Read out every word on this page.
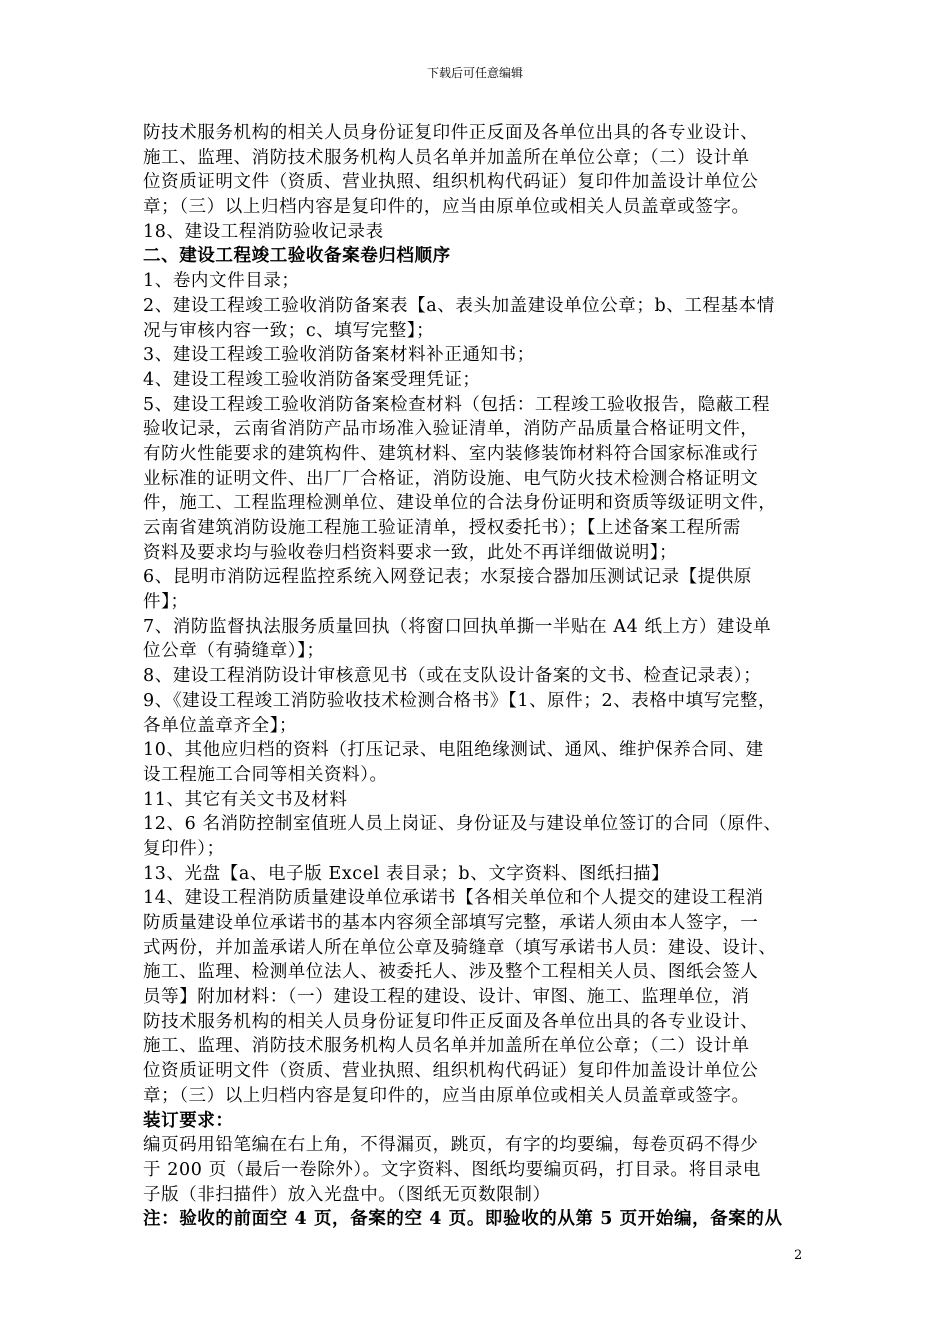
下载后可任意编辑
防技术服务机构的相关人员身份证复印件正反面及各单位出具的各专业设计、
施工、监理、消防技术服务机构人员名单并加盖所在单位公章；（二）设计单
位资质证明文件（资质、营业执照、组织机构代码证）复印件加盖设计单位公
章；（三）以上归档内容是复印件的，应当由原单位或相关人员盖章或签字。
18、建设工程消防验收记录表
二、建设工程竣工验收备案卷归档顺序
1、卷内文件目录；
2、建设工程竣工验收消防备案表【a、表头加盖建设单位公章；b、工程基本情
况与审核内容一致；c、填写完整】；
3、建设工程竣工验收消防备案材料补正通知书；
4、建设工程竣工验收消防备案受理凭证；
5、建设工程竣工验收消防备案检查材料（包括：工程竣工验收报告，隐蔽工程
验收记录，云南省消防产品市场准入验证清单，消防产品质量合格证明文件，
有防火性能要求的建筑构件、建筑材料、室内装修装饰材料符合国家标准或行
业标准的证明文件、出厂厂合格证，消防设施、电气防火技术检测合格证明文
件，施工、工程监理检测单位、建设单位的合法身份证明和资质等级证明文件，
云南省建筑消防设施工程施工验证清单，授权委托书）；【上述备案工程所需
资料及要求均与验收卷归档资料要求一致，此处不再详细做说明】；
6、昆明市消防远程监控系统入网登记表；水泵接合器加压测试记录【提供原
件】；
7、消防监督执法服务质量回执（将窗口回执单撕一半贴在 A4 纸上方）建设单
位公章（有骑缝章）】；
8、建设工程消防设计审核意见书（或在支队设计备案的文书、检查记录表）；
9、《建设工程竣工消防验收技术检测合格书》【1、原件；2、表格中填写完整，
各单位盖章齐全】；
10、其他应归档的资料（打压记录、电阻绝缘测试、通风、维护保养合同、建
设工程施工合同等相关资料）。
11、其它有关文书及材料
12、6 名消防控制室值班人员上岗证、身份证及与建设单位签订的合同（原件、
复印件）；
13、光盘【a、电子版 Excel 表目录；b、文字资料、图纸扫描】
14、建设工程消防质量建设单位承诺书【各相关单位和个人提交的建设工程消
防质量建设单位承诺书的基本内容须全部填写完整，承诺人须由本人签字，一
式两份，并加盖承诺人所在单位公章及骑缝章（填写承诺书人员：建设、设计、
施工、监理、检测单位法人、被委托人、涉及整个工程相关人员、图纸会签人
员等】附加材料：（一）建设工程的建设、设计、审图、施工、监理单位，消
防技术服务机构的相关人员身份证复印件正反面及各单位出具的各专业设计、
施工、监理、消防技术服务机构人员名单并加盖所在单位公章；（二）设计单
位资质证明文件（资质、营业执照、组织机构代码证）复印件加盖设计单位公
章；（三）以上归档内容是复印件的，应当由原单位或相关人员盖章或签字。
装订要求：
编页码用铅笔编在右上角，不得漏页，跳页，有字的均要编，每卷页码不得少
于 200 页（最后一卷除外）。文字资料、图纸均要编页码，打目录。将目录电
子版（非扫描件）放入光盘中。（图纸无页数限制）
注：验收的前面空 4 页，备案的空 4 页。即验收的从第 5 页开始编，备案的从
2
